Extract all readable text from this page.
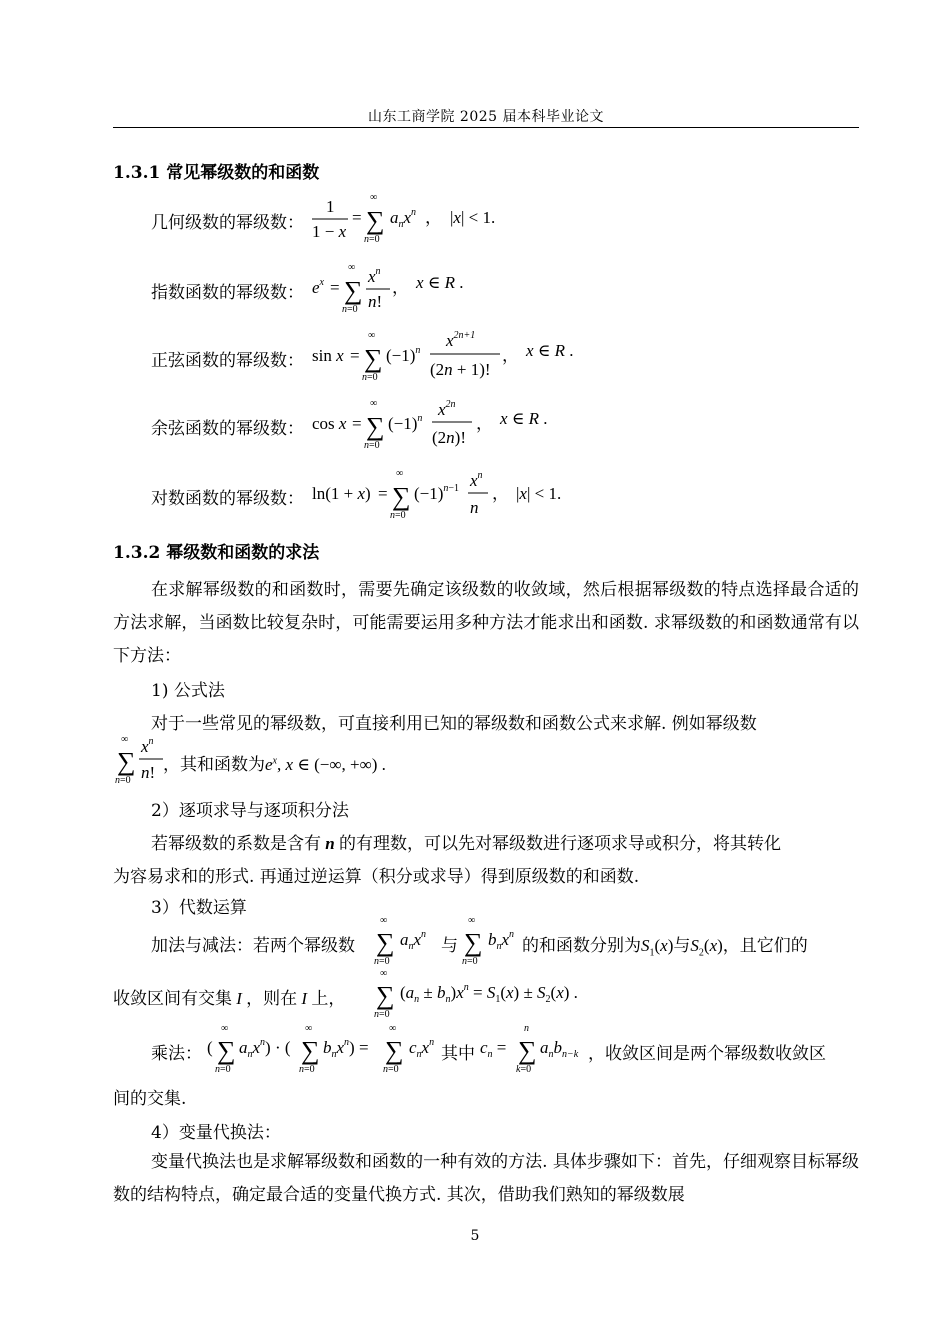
山东工商学院 2025 届本科毕业论文
1.3.1 常见幂级数的和函数
几何级数的幂级数：
1
1 − x
=
∞
∑
n=0
$a_nx^n$ ， |x| < 1.
指数函数的幂级数： $e^x$ =
∞
∑
n=0
$x^n$
n!
， x ∈ R .
正弦函数的幂级数： sin x =
∞
∑
n=0
$(-1)^n$
$x^{2n+1}$
(2n + 1)!
， x ∈ R .
余弦函数的幂级数： cos x =
∞
∑
n=0
$(-1)^n$ $x^{2n}$
(2n)!
， x ∈ R .
对数函数的幂级数： ln(1 + x) =
∞
∑
n=0
$(-1)^{n-1}$ $x^n$
n
， |x| < 1.
1.3.2 幂级数和函数的求法
在求解幂级数的和函数时，需要先确定该级数的收敛域，然后根据幂级数的特点选择最合适的方法求解，当函数比较复杂时，可能需要运用多种方法才能求出和函数. 求幂级数的和函数通常有以下方法：
1) 公式法
对于一些常见的幂级数，可直接利用已知的幂级数和函数公式来求解. 例如幂级数
∞
∑
n=0
$x^n$
n! ，其和函数为$e^x$, x ∈ (−∞, +∞) .
2）逐项求导与逐项积分法
若幂级数的系数是含有 n 的有理数，可以先对幂级数进行逐项求导或积分，将其转化
为容易求和的形式. 再通过逆运算（积分或求导）得到原级数的和函数.
3）代数运算
加法与减法：若两个幂级数
∞
∑
n=0
$a_nx^n$
与
∞
∑
n=0
$b_nx^n$
的和函数分别为$S_1(x)$与$S_2(x)$，且它们的
收敛区间有交集 I ，则在 I 上，
∞
∑
n=0
$(a_n \pm b_n)x^n = S_1(x) \pm S_2(x)$ .
乘法： (
∞
∑
n=0
$a_nx^n$) · (
∞
∑
n=0
$b_nx^n$) =
∞
∑
n=0
$c_nx^n$
其中 $c_n$ =
n
∑
k=0
$a_nb_{n-k}$ ，收敛区间是两个幂级数收敛区
间的交集.
4）变量代换法：
变量代换法也是求解幂级数和函数的一种有效的方法. 具体步骤如下：首先，仔细观察目标幂级数的结构特点，确定最合适的变量代换方式. 其次，借助我们熟知的幂级数展
5
